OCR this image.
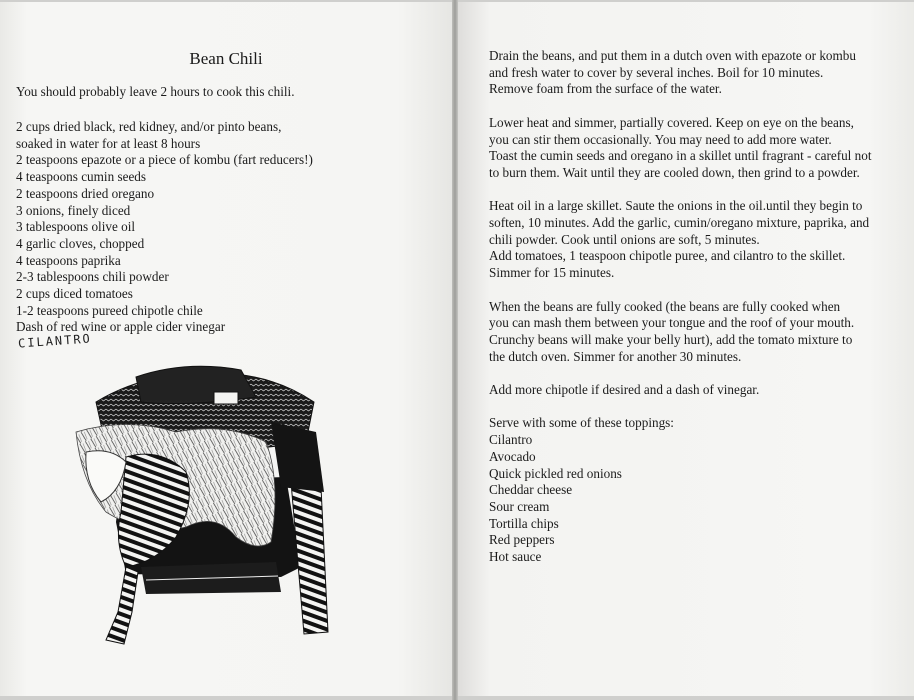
Bean Chili
You should probably leave 2 hours to cook this chili.
2 cups dried black, red kidney, and/or pinto beans,
soaked in water for at least 8 hours
2 teaspoons epazote or a piece of kombu (fart reducers!)
4 teaspoons cumin seeds
2 teaspoons dried oregano
3 onions, finely diced
3 tablespoons olive oil
4 garlic cloves, chopped
4 teaspoons paprika
2-3 tablespoons chili powder
2 cups diced tomatoes
1-2 teaspoons pureed chipotle chile
Dash of red wine or apple cider vinegar
CILANTRO

Drain the beans, and put them in a dutch oven with epazote or kombu
and fresh water to cover by several inches. Boil for 10 minutes.
Remove foam from the surface of the water.

Lower heat and simmer, partially covered. Keep on eye on the beans,
you can stir them occasionally. You may need to add more water.
Toast the cumin seeds and oregano in a skillet until fragrant - careful not
to burn them. Wait until they are cooled down, then grind to a powder.

Heat oil in a large skillet. Saute the onions in the oil.until they begin to
soften, 10 minutes. Add the garlic, cumin/oregano mixture, paprika, and
chili powder. Cook until onions are soft, 5 minutes.
Add tomatoes, 1 teaspoon chipotle puree, and cilantro to the skillet.
Simmer for 15 minutes.

When the beans are fully cooked (the beans are fully cooked when
you can mash them between your tongue and the roof of your mouth.
Crunchy beans will make your belly hurt), add the tomato mixture to
the dutch oven. Simmer for another 30 minutes.

Add more chipotle if desired and a dash of vinegar.

Serve with some of these toppings:
Cilantro
Avocado
Quick pickled red onions
Cheddar cheese
Sour cream
Tortilla chips
Red peppers
Hot sauce
